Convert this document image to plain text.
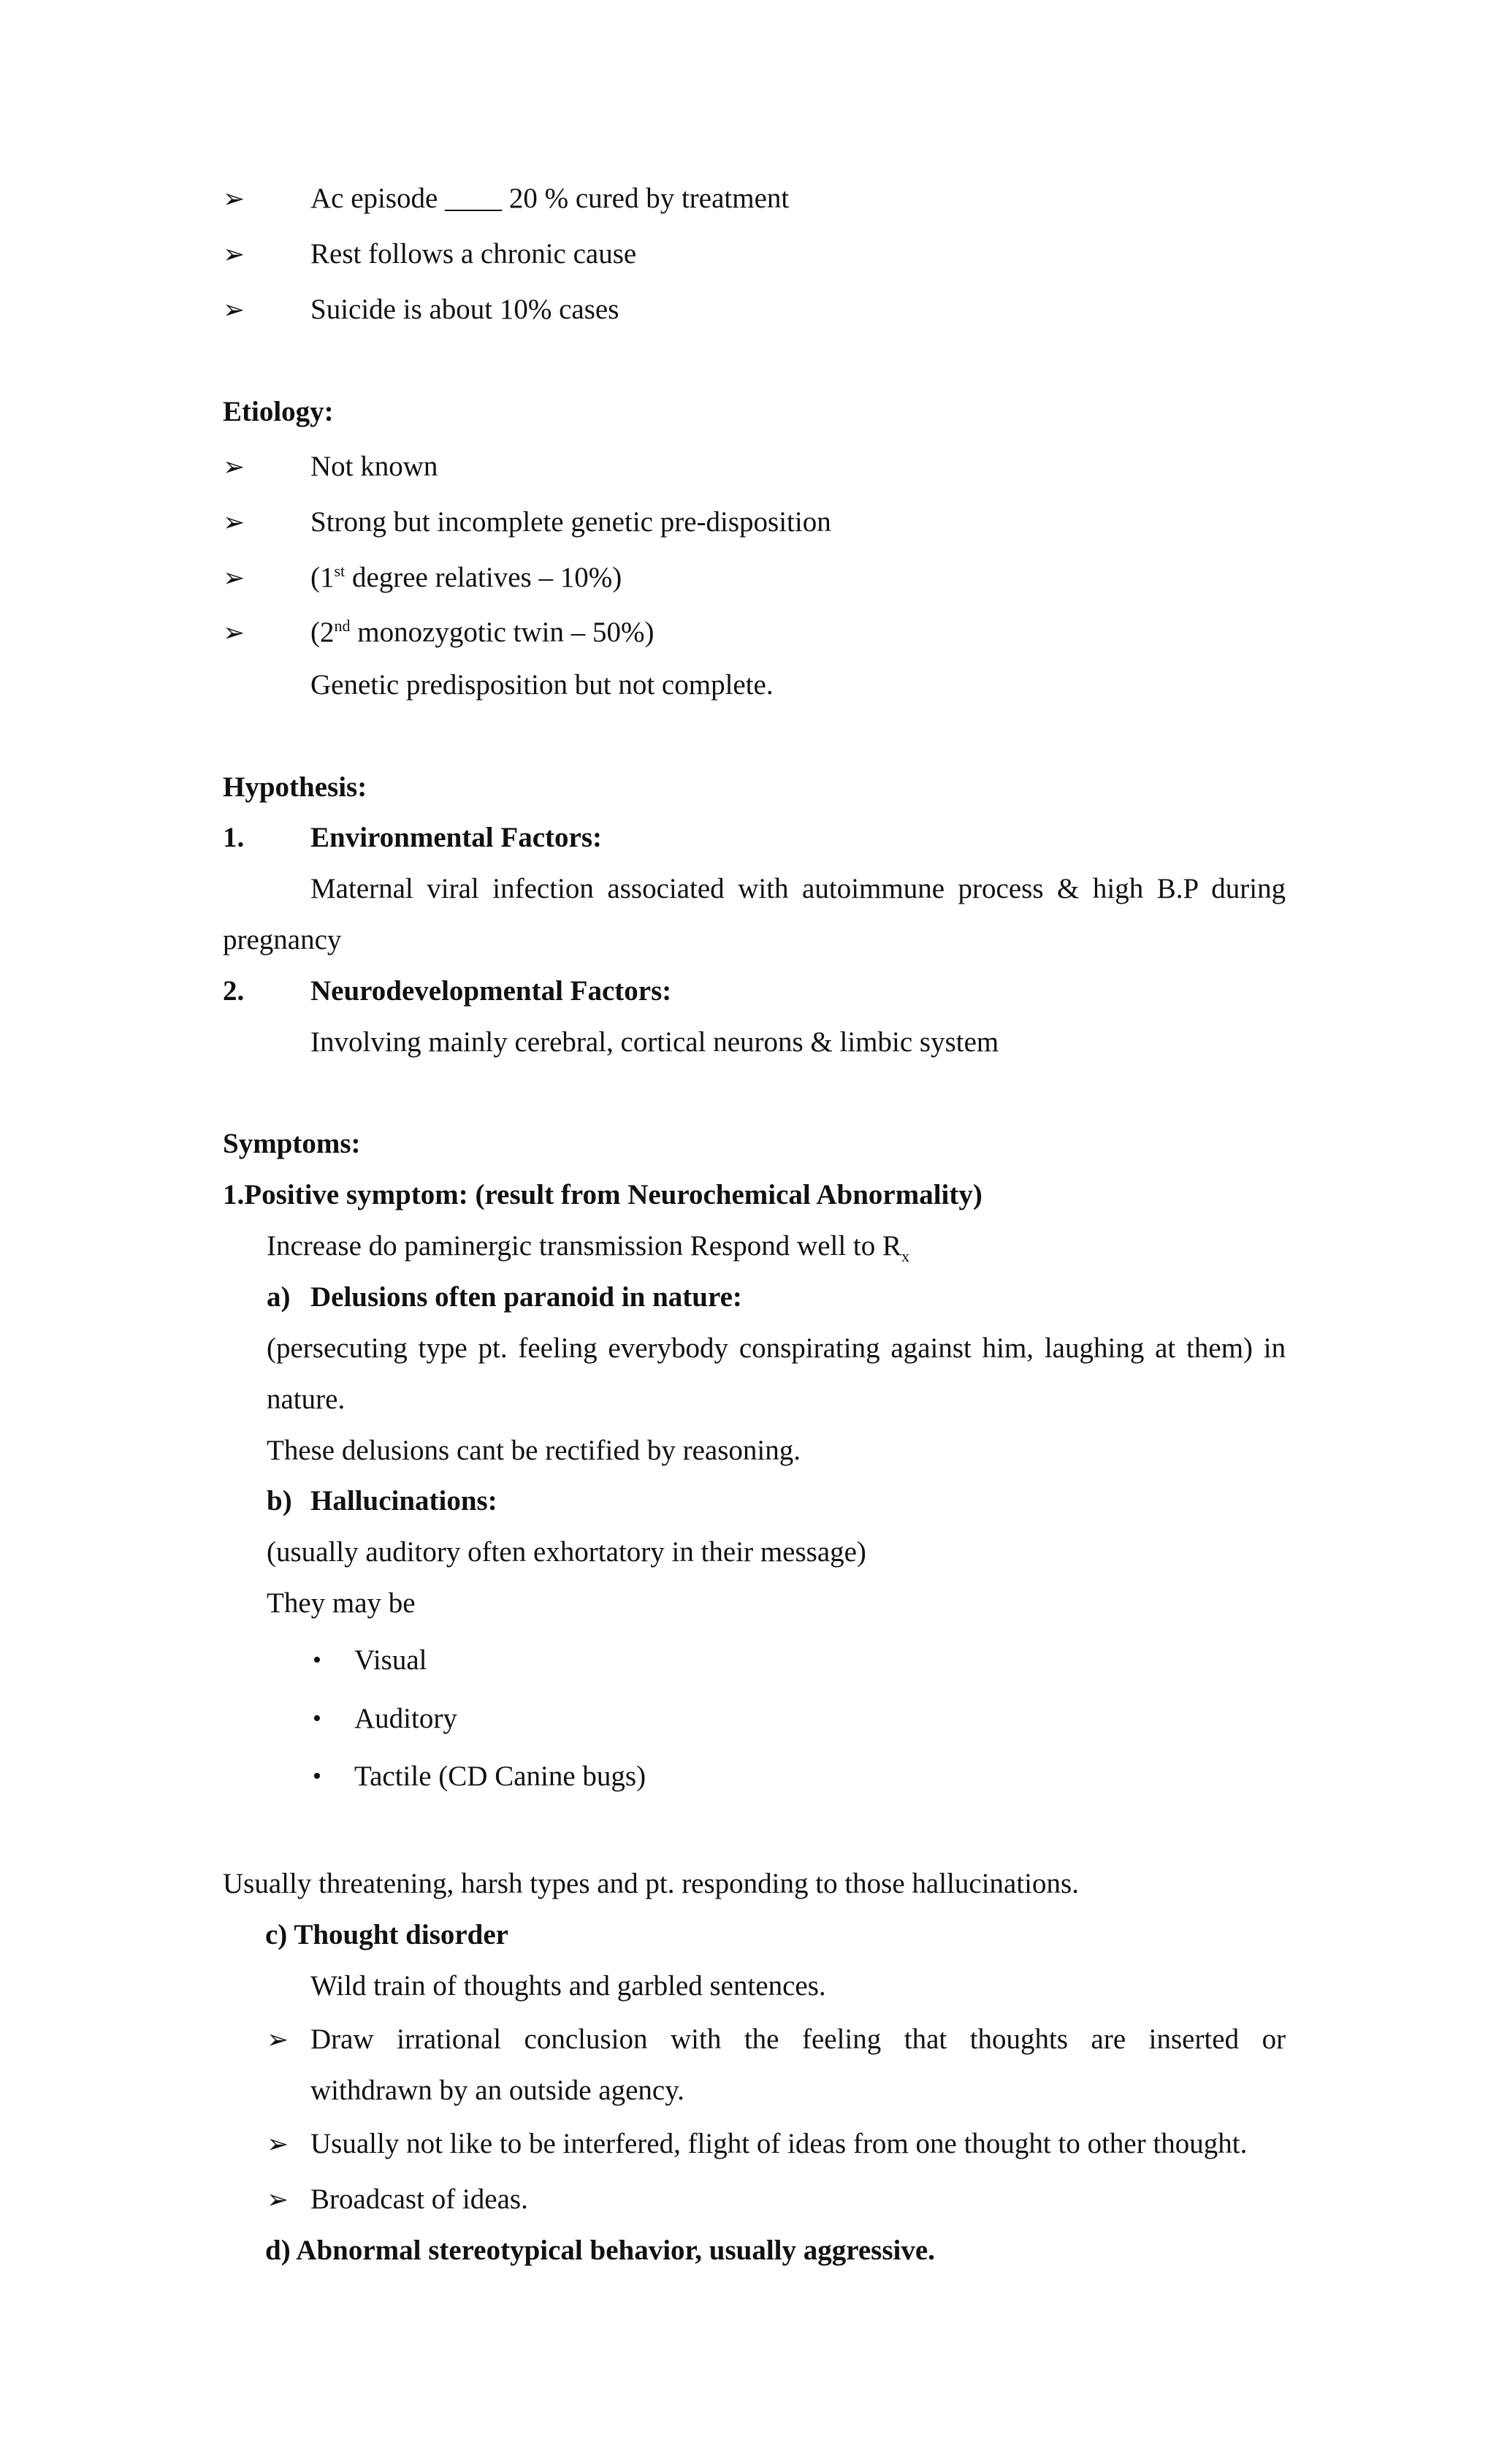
➢ Ac episode ____ 20 % cured by treatment
➢ Rest follows a chronic cause
➢ Suicide is about 10% cases
Etiology:
➢ Not known
➢ Strong but incomplete genetic pre-disposition
➢ (1st degree relatives – 10%)
➢ (2nd monozygotic twin – 50%)
Genetic predisposition but not complete.
Hypothesis:
1. Environmental Factors:
Maternal viral infection associated with autoimmune process & high B.P during
pregnancy
2. Neurodevelopmental Factors:
Involving mainly cerebral, cortical neurons & limbic system
Symptoms:
1.Positive symptom: (result from Neurochemical Abnormality)
Increase do paminergic transmission Respond well to $R_x$
a) Delusions often paranoid in nature:
(persecuting type pt. feeling everybody conspirating against him, laughing at them) in
nature.
These delusions cant be rectified by reasoning.
b) Hallucinations:
(usually auditory often exhortatory in their message)
They may be
• Visual
• Auditory
• Tactile (CD Canine bugs)
Usually threatening, harsh types and pt. responding to those hallucinations.
c) Thought disorder
Wild train of thoughts and garbled sentences.
➢ Draw irrational conclusion with the feeling that thoughts are inserted or
withdrawn by an outside agency.
➢ Usually not like to be interfered, flight of ideas from one thought to other thought.
➢ Broadcast of ideas.
d) Abnormal stereotypical behavior, usually aggressive.
